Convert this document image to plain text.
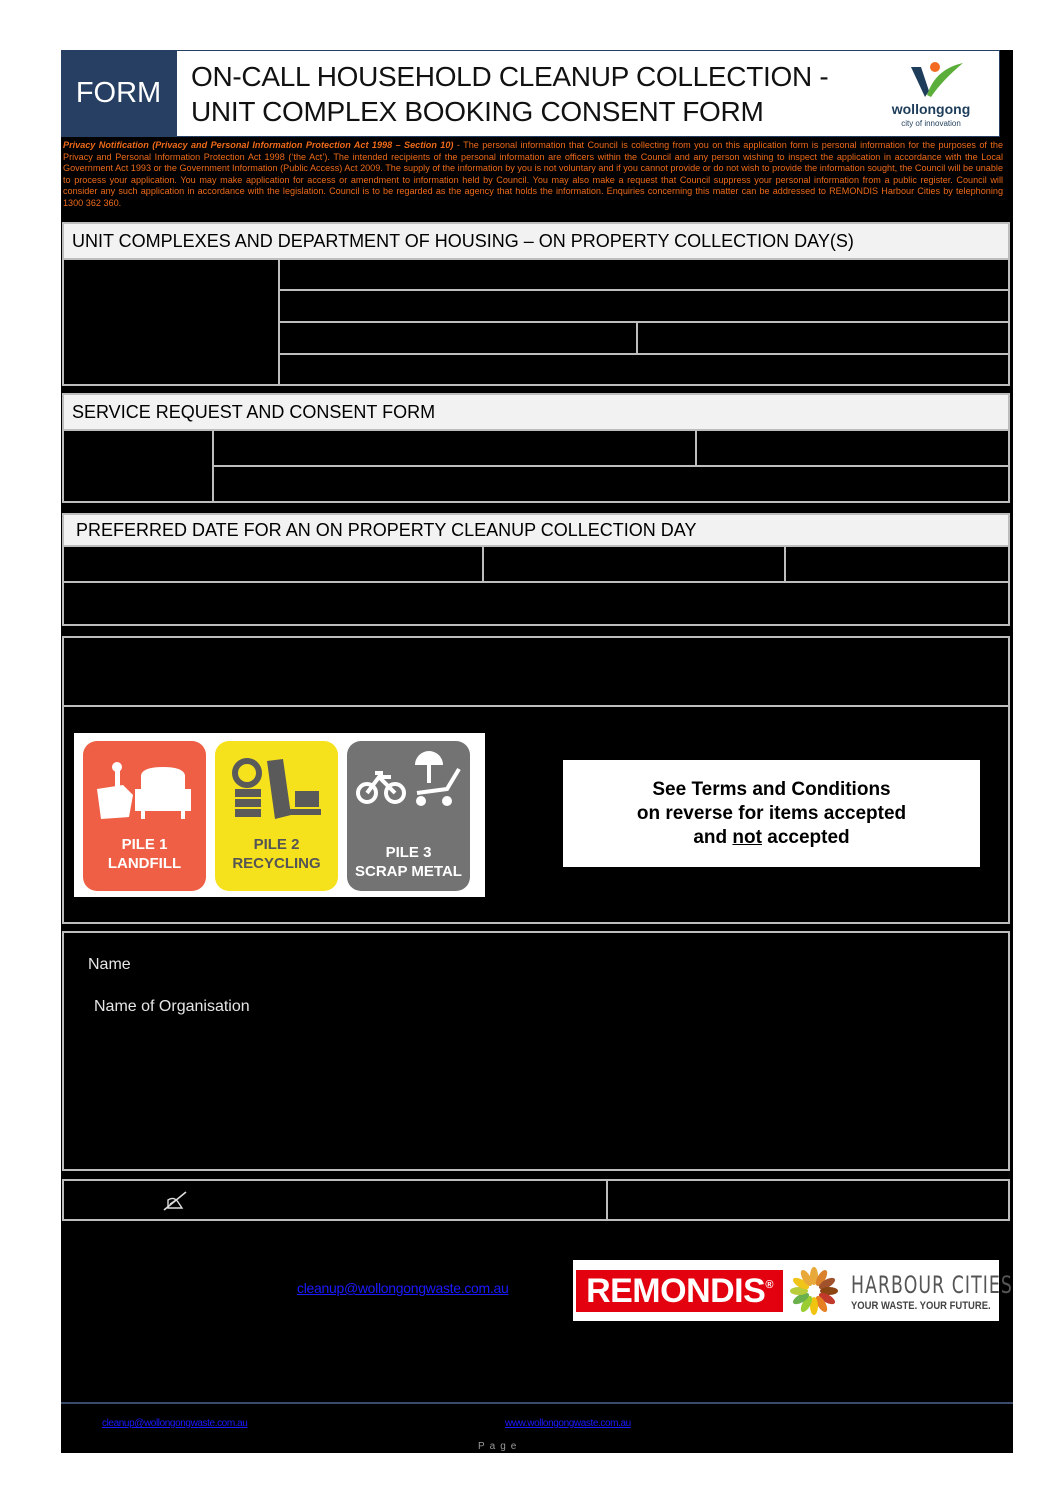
FORM
ON-CALL HOUSEHOLD CLEANUP COLLECTION -
UNIT COMPLEX BOOKING CONSENT FORM	wollongong
city of innovation
Privacy Notification (Privacy and Personal Information Protection Act 1998 – Section 10) - The personal information that Council is collecting from you on this application form is personal information for the purposes of the Privacy and Personal Information Protection Act 1998 (‘the Act’). The intended recipients of the personal information are officers within the Council and any person wishing to inspect the application in accordance with the Local Government Act 1993 or the Government Information (Public Access) Act 2009. The supply of the information by you is not voluntary and if you cannot provide or do not wish to provide the information sought, the Council will be unable to process your application. You may make application for access or amendment to information held by Council. You may also make a request that Council suppress your personal information from a public register. Council will consider any such application in accordance with the legislation. Council is to be regarded as the agency that holds the information. Enquiries concerning this matter can be addressed to REMONDIS Harbour Cities by telephoning 1300 362 360.
UNIT COMPLEXES AND DEPARTMENT OF HOUSING – ON PROPERTY COLLECTION DAY(S)
SERVICE REQUEST AND CONSENT FORM
PREFERRED DATE FOR AN ON PROPERTY CLEANUP COLLECTION DAY
PILE 1
LANDFILL
PILE 2
RECYCLING
PILE 3
SCRAP METAL
See Terms and Conditions
on reverse for items accepted
and not accepted
Name
Name of Organisation
cleanup@wollongongwaste.com.au REMONDIS®	HARBOUR CITIES
YOUR WASTE. YOUR FUTURE.
cleanup@wollongongwaste.com.au	www.wollongongwaste.com.au
Page
